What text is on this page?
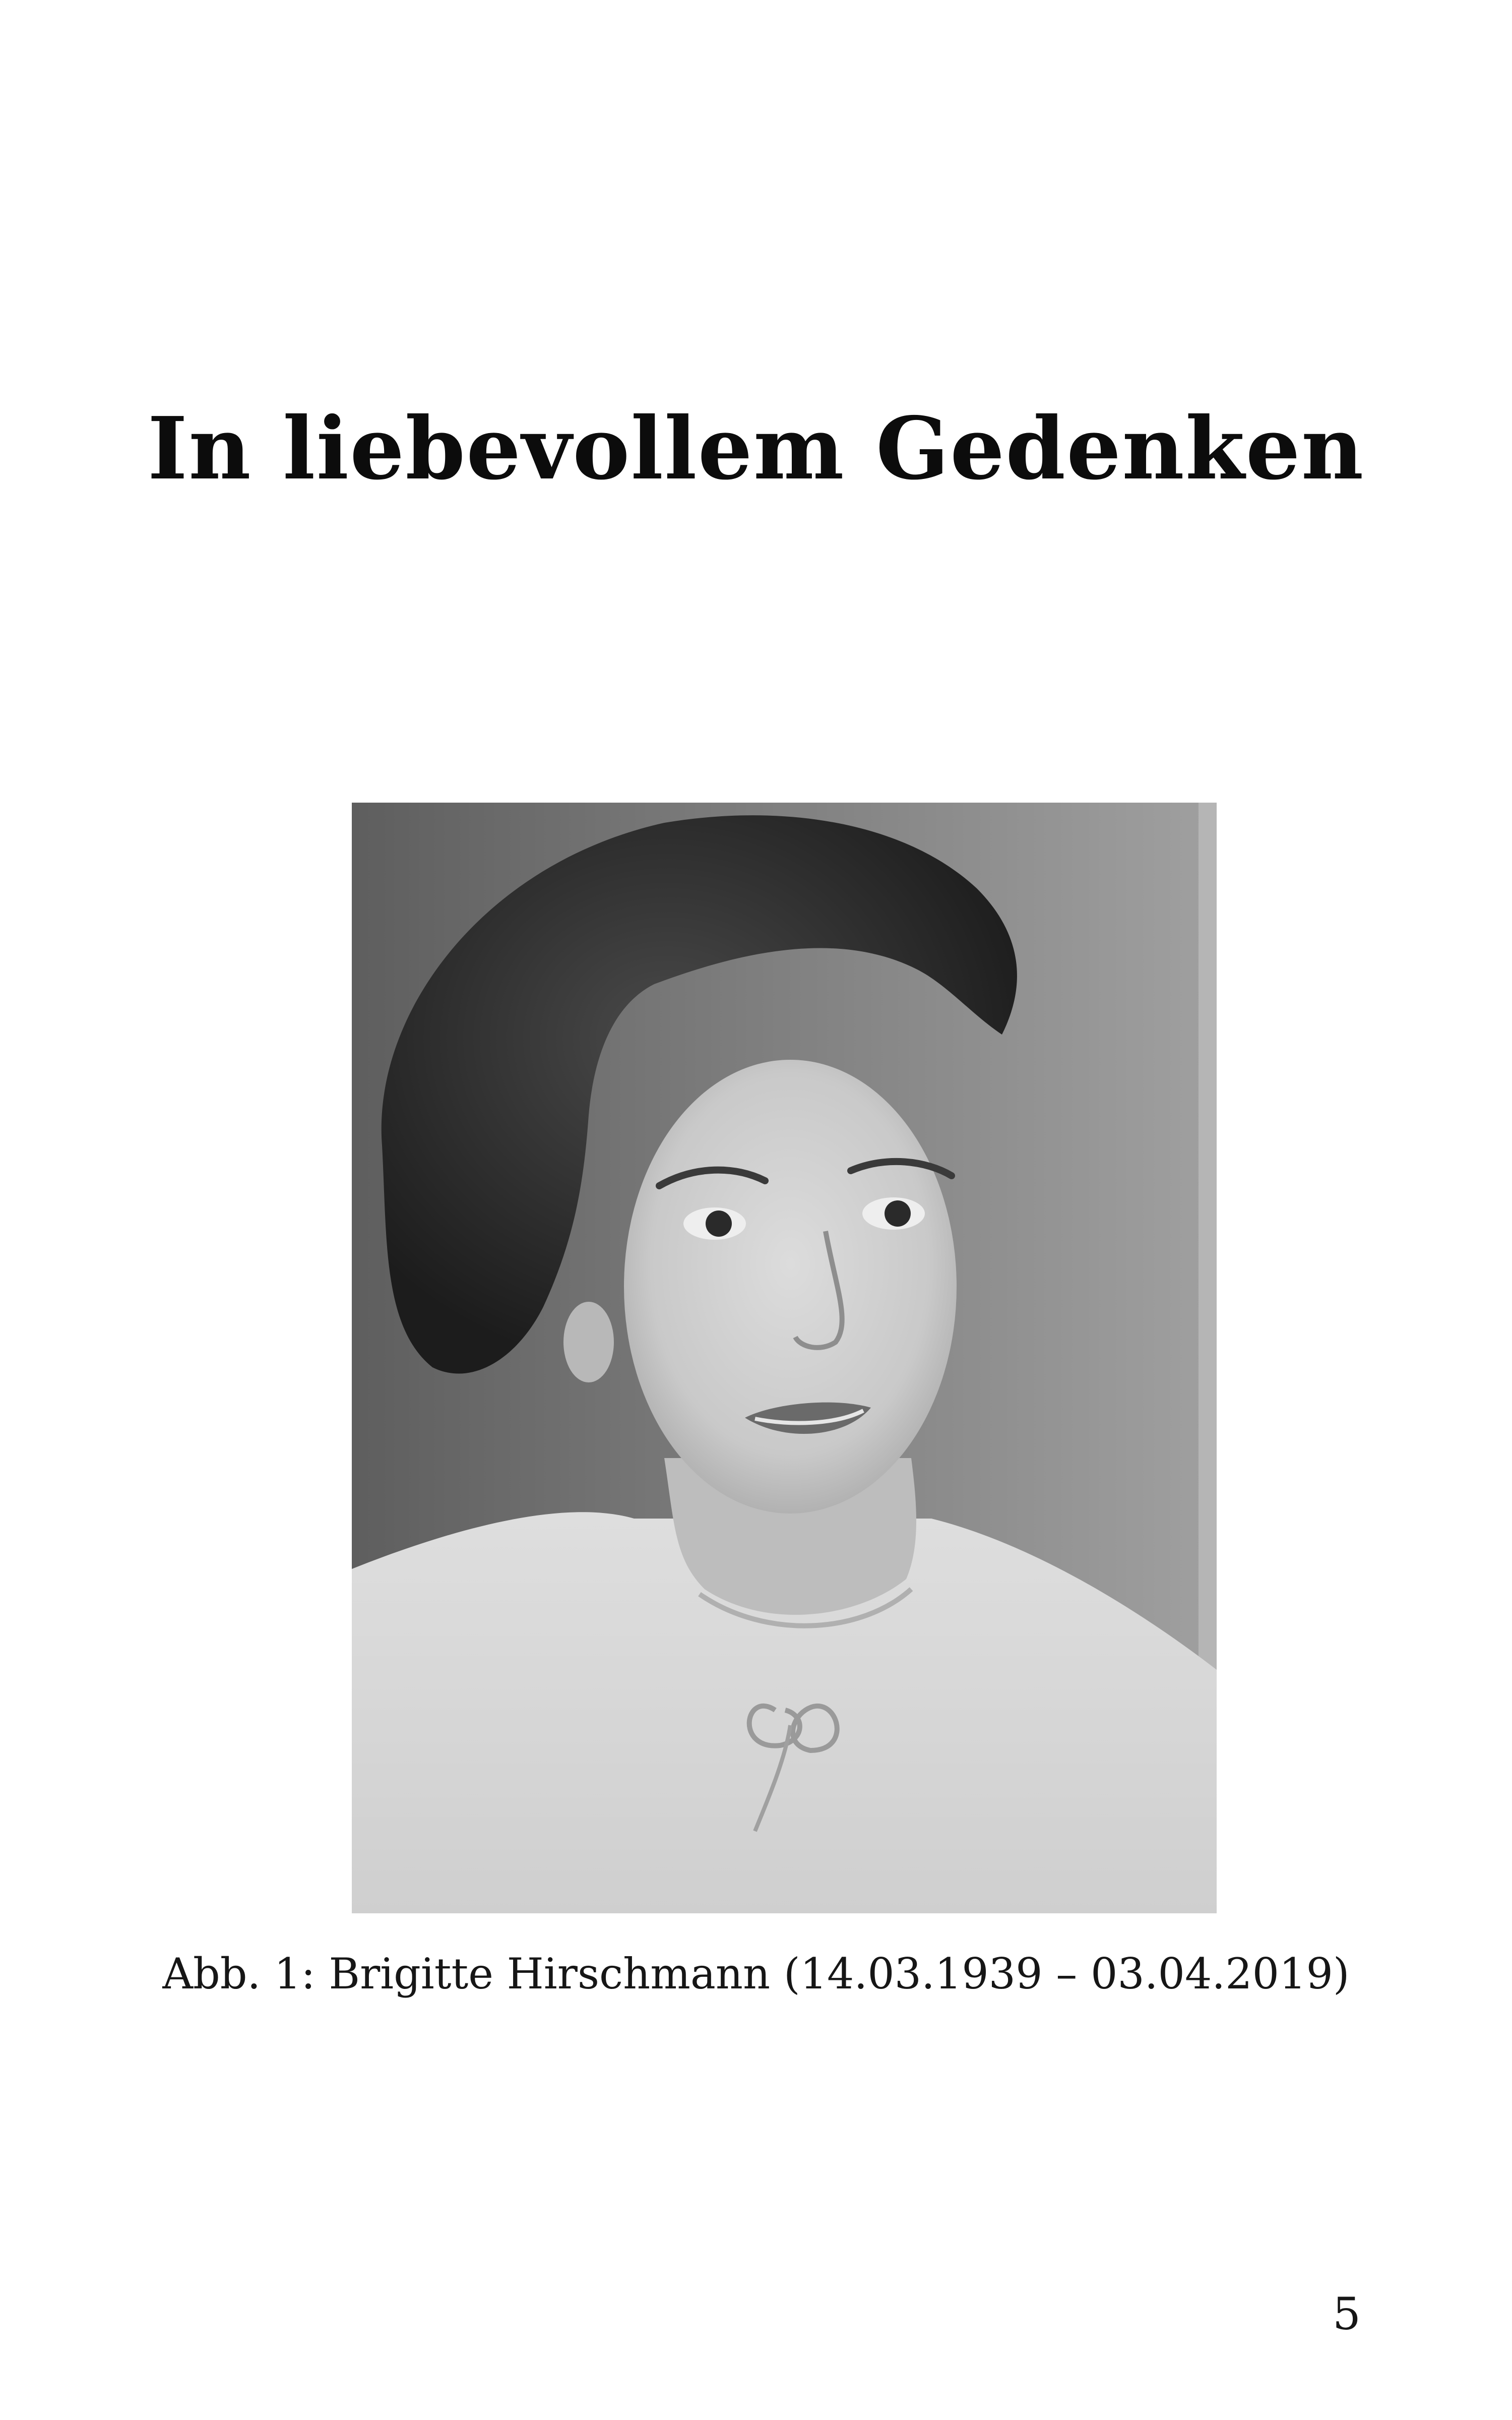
In liebevollem Gedenken

Abb. 1: Brigitte Hirschmann (14.03.1939 – 03.04.2019)

5
